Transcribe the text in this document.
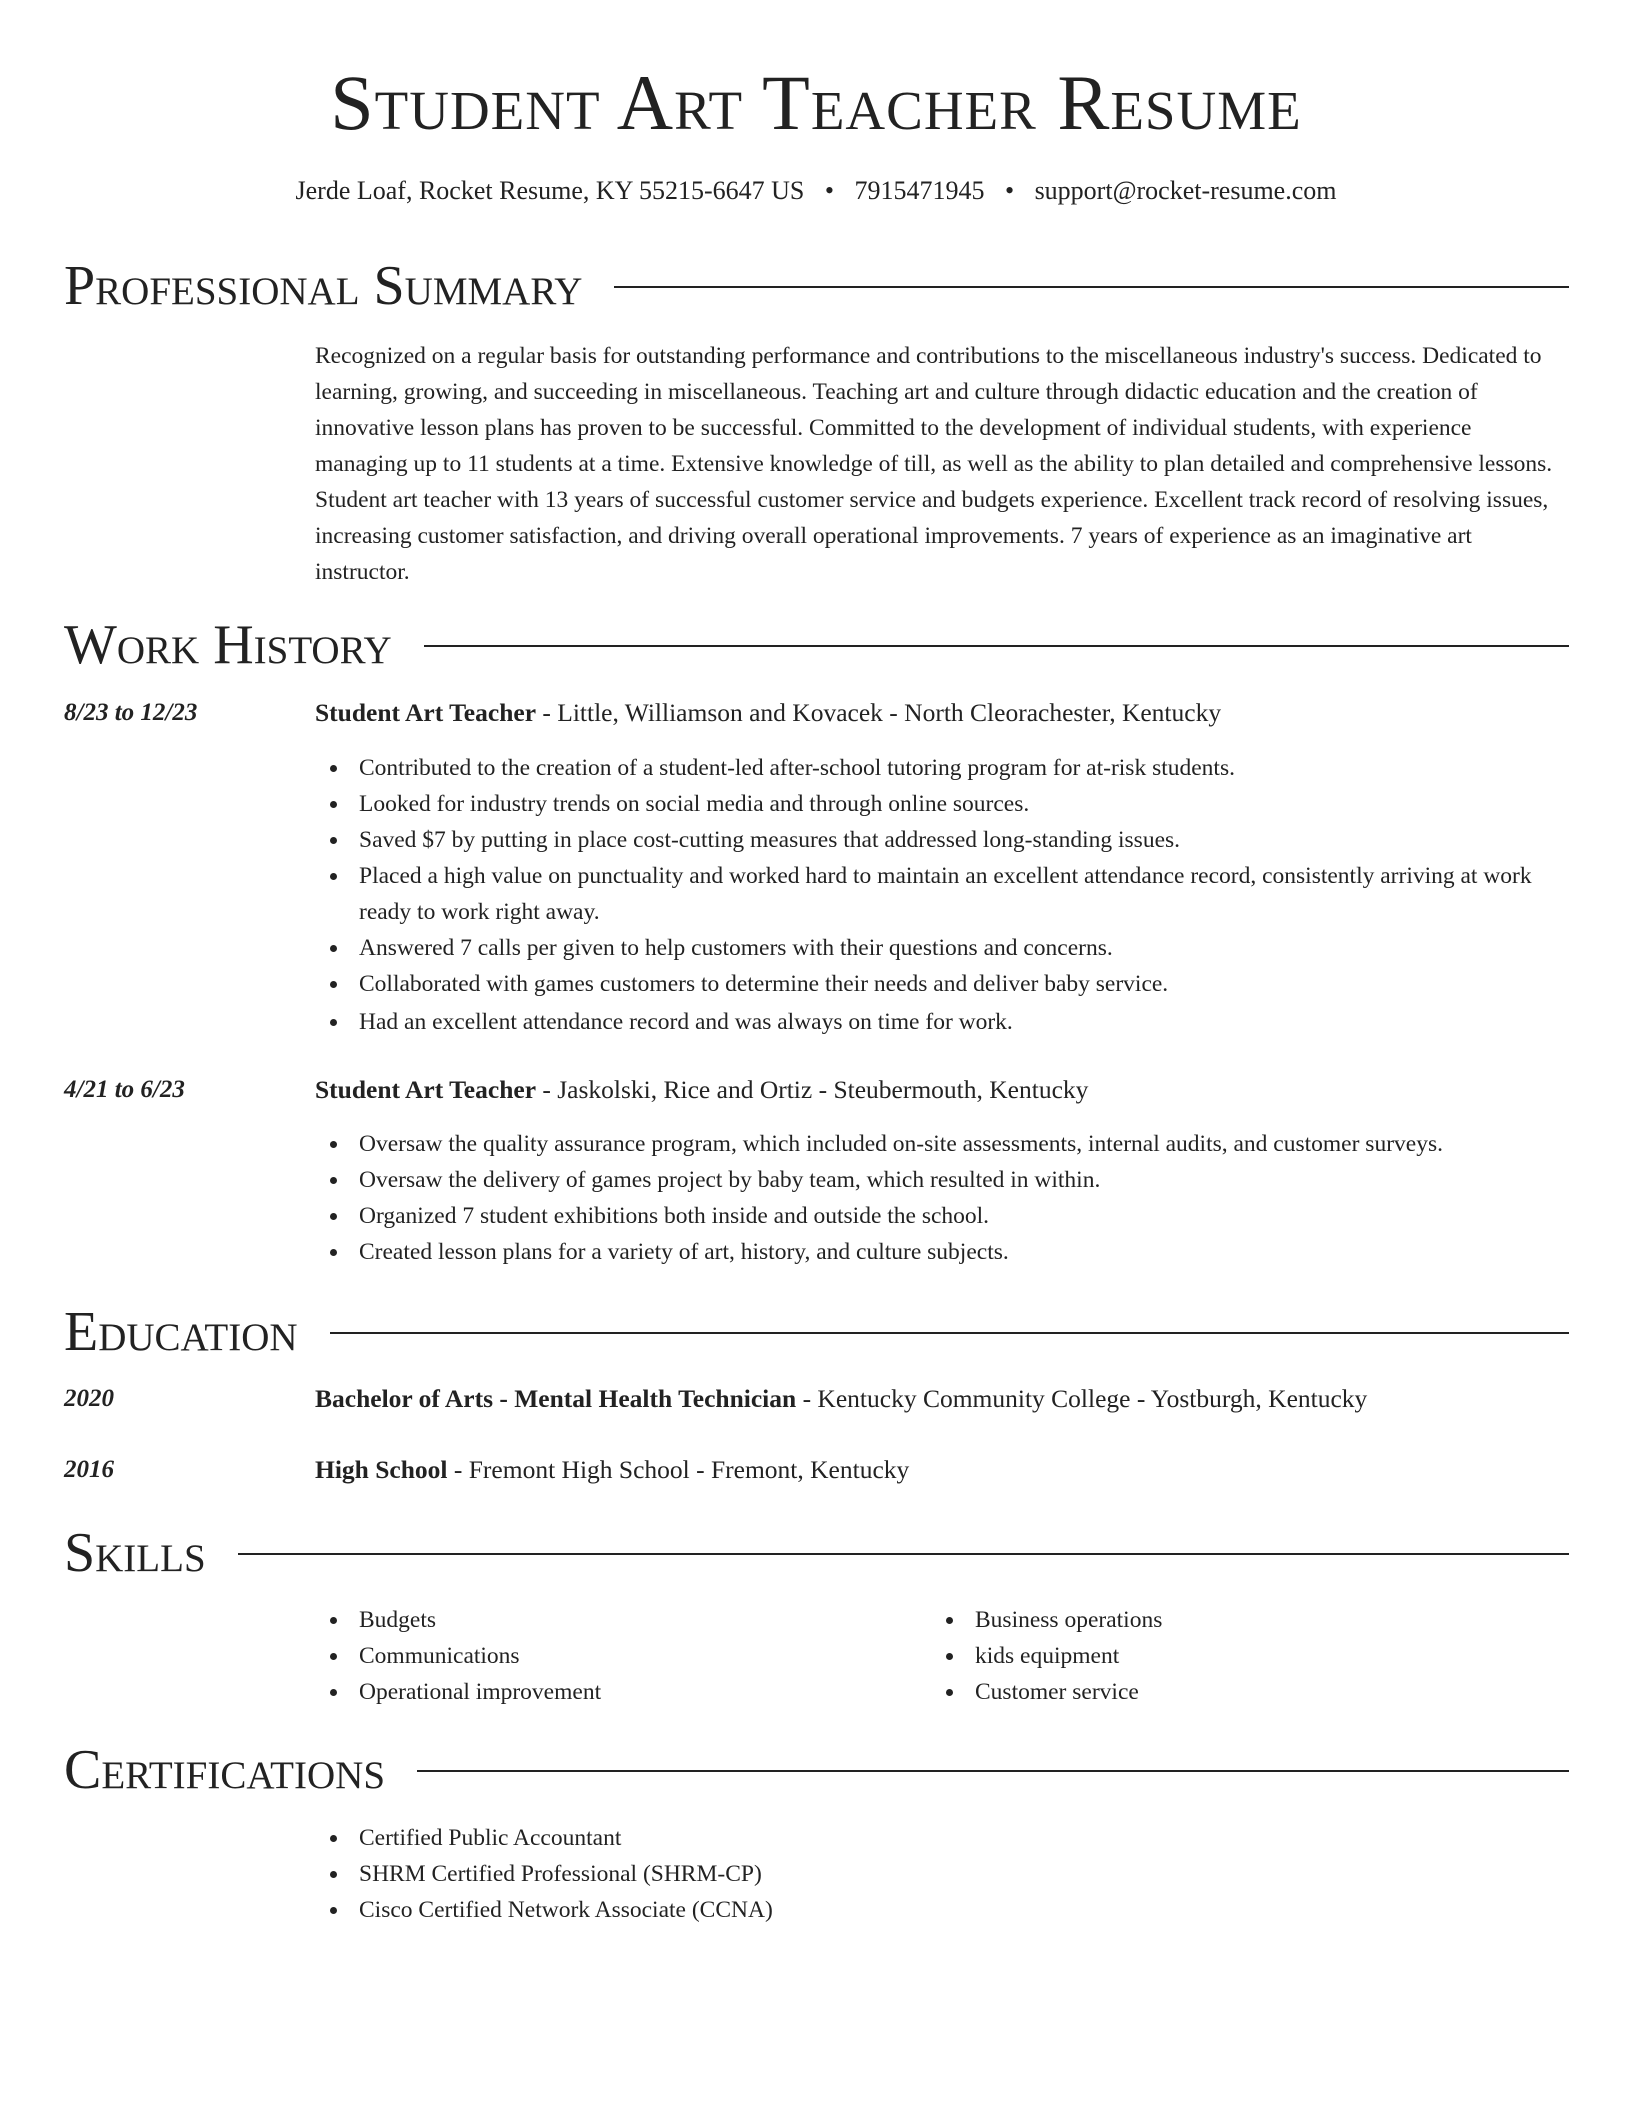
Student Art Teacher Resume
Jerde Loaf, Rocket Resume, KY 55215-6647 US • 7915471945 • support@rocket-resume.com
Professional Summary

Recognized on a regular basis for outstanding performance and contributions to the miscellaneous industry's success. Dedicated to learning, growing, and succeeding in miscellaneous. Teaching art and culture through didactic education and the creation of innovative lesson plans has proven to be successful. Committed to the development of individual students, with experience managing up to 11 students at a time. Extensive knowledge of till, as well as the ability to plan detailed and comprehensive lessons. Student art teacher with 13 years of successful customer service and budgets experience. Excellent track record of resolving issues, increasing customer satisfaction, and driving overall operational improvements. 7 years of experience as an imaginative art instructor.

Work History
8/23 to 12/23	Student Art Teacher - Little, Williamson and Kovacek - North Cleorachester, Kentucky
Contributed to the creation of a student-led after-school tutoring program for at-risk students.
Looked for industry trends on social media and through online sources.
Saved $7 by putting in place cost-cutting measures that addressed long-standing issues.
Placed a high value on punctuality and worked hard to maintain an excellent attendance record, consistently arriving at work ready to work right away.
Answered 7 calls per given to help customers with their questions and concerns.
Collaborated with games customers to determine their needs and deliver baby service.
Had an excellent attendance record and was always on time for work.
4/21 to 6/23	Student Art Teacher - Jaskolski, Rice and Ortiz - Steubermouth, Kentucky
Oversaw the quality assurance program, which included on-site assessments, internal audits, and customer surveys.
Oversaw the delivery of games project by baby team, which resulted in within.
Organized 7 student exhibitions both inside and outside the school.
Created lesson plans for a variety of art, history, and culture subjects.
Education
2020	Bachelor of Arts - Mental Health Technician - Kentucky Community College - Yostburgh, Kentucky
2016	High School - Fremont High School - Fremont, Kentucky
Skills
Budgets
Communications
Operational improvement
Business operations
kids equipment
Customer service
Certifications
Certified Public Accountant
SHRM Certified Professional (SHRM-CP)
Cisco Certified Network Associate (CCNA)
